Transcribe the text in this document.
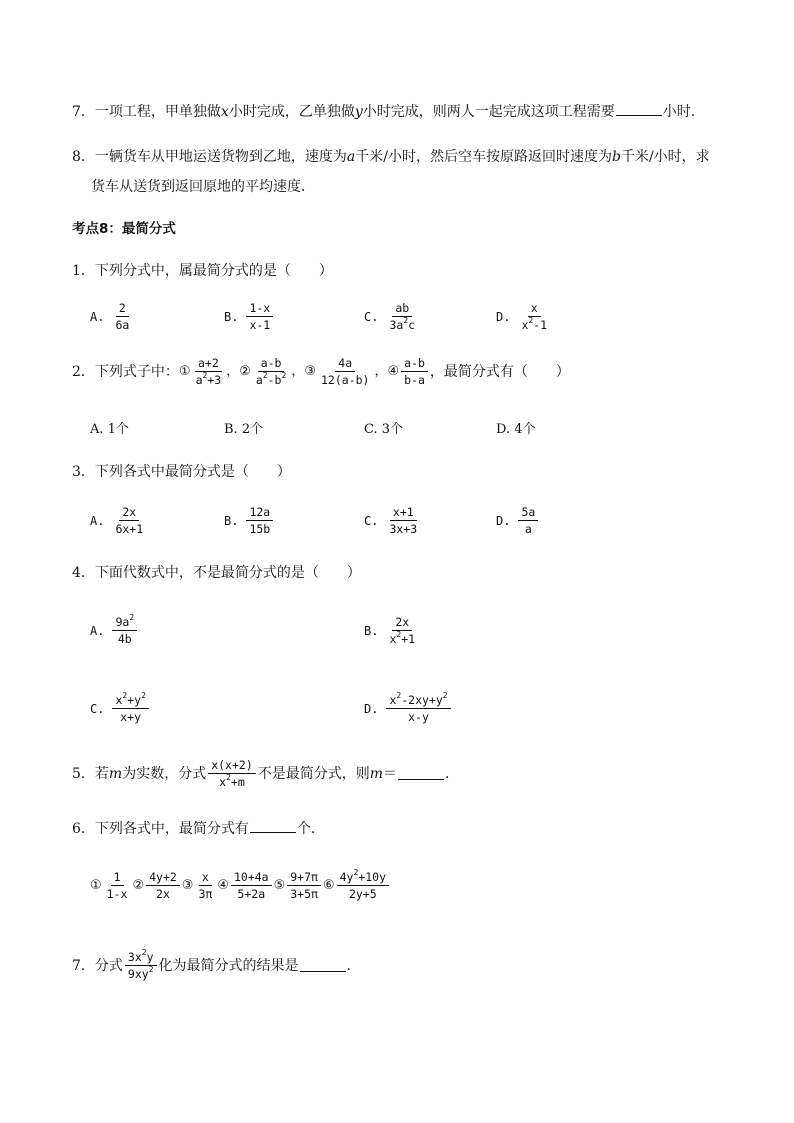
7．一项工程，甲单独做x小时完成，乙单独做y小时完成，则两人一起完成这项工程需要	小时．
8．一辆货车从甲地运送货物到乙地，速度为a千米/小时，然后空车按原路返回时速度为b千米/小时，求
货车从送货到返回原地的平均速度．
考点8：最简分式
1．下列分式中，属最简分式的是（　　）
A. $\frac{2}{6a}$	B. $\frac{1-x}{x-1}$	C. $\frac{ab}{3a^2c}$	D. $\frac{x}{x^2-1}$
2．下列式子中： ① $\frac{a+2}{a^2+3}$ ，② $\frac{a-b}{a^2-b^2}$ ，③ $\frac{4a}{12(a-b)}$ ，④ $\frac{a-b}{b-a}$ ，最简分式有（　　）
A. 1个	B. 2个	C. 3个	D. 4个
3．下列各式中最简分式是（　　）
A. $\frac{2x}{6x+1}$	B. $\frac{12a}{15b}$	C. $\frac{x+1}{3x+3}$	D. $\frac{5a}{a}$
4．下面代数式中，不是最简分式的是（　　）
A. $\frac{9a^2}{4b}$	B. $\frac{2x}{x^2+1}$
C. $\frac{x^2+y^2}{x+y}$	D. $\frac{x^2-2xy+y^2}{x-y}$
5．若 m 为实数，分式 $\frac{x(x+2)}{x^2+m}$ 不是最简分式，则 m ＝	．
6．下列各式中，最简分式有	个．
① $\frac{1}{1-x}$ ② $\frac{4y+2}{2x}$ ③ $\frac{x}{3\pi}$ ④ $\frac{10+4a}{5+2a}$ ⑤ $\frac{9+7\pi}{3+5\pi}$ ⑥ $\frac{4y^2+10y}{2y+5}$
7．分式 $\frac{3x^2y}{9xy^2}$ 化为最简分式的结果是	．
